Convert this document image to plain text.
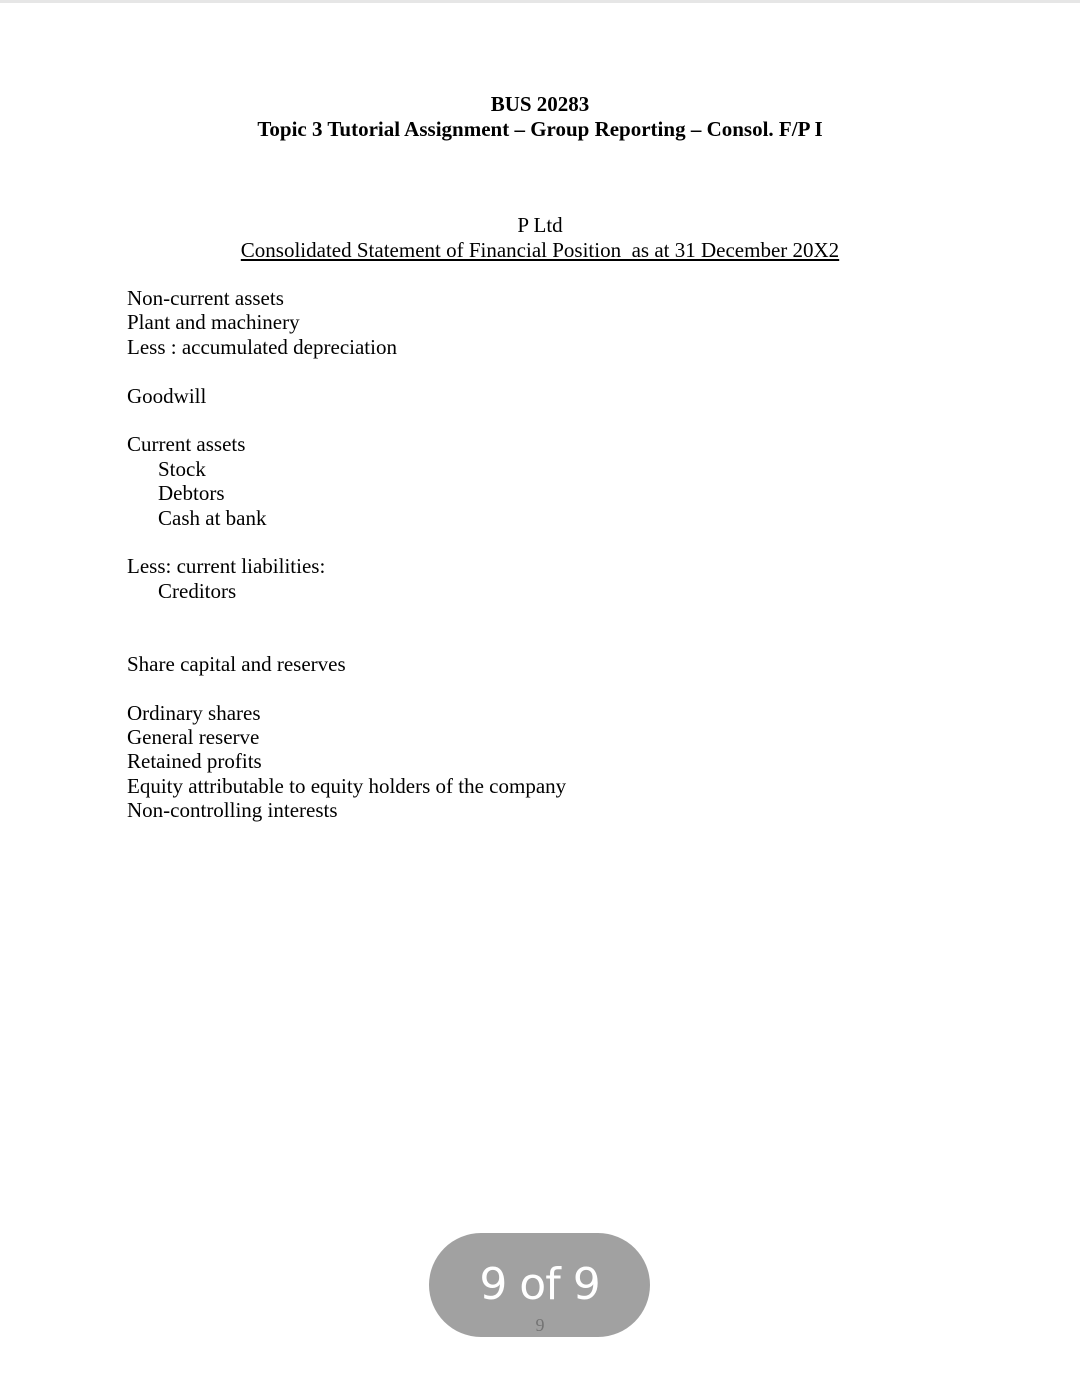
BUS 20283
Topic 3 Tutorial Assignment – Group Reporting – Consol. F/P I
P Ltd
Consolidated Statement of Financial Position  as at 31 December 20X2
Non-current assets
Plant and machinery
Less : accumulated depreciation
Goodwill
Current assets
Stock
Debtors
Cash at bank
Less: current liabilities:
Creditors
Share capital and reserves
Ordinary shares
General reserve
Retained profits
Equity attributable to equity holders of the company
Non-controlling interests
9 of 9
